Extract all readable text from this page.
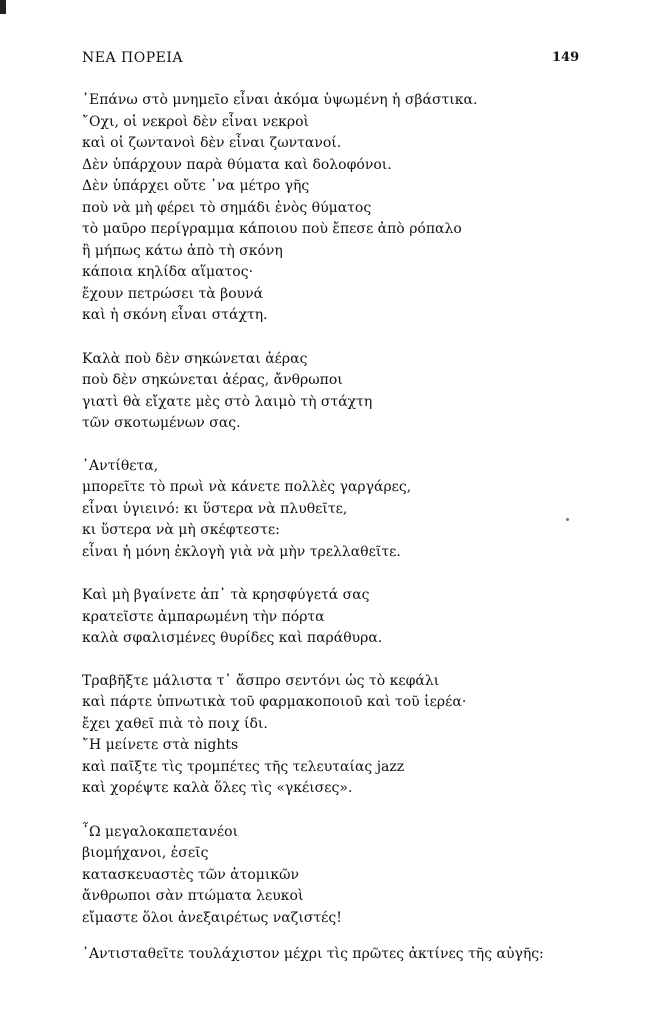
ΝΕΑ ΠΟΡΕΙΑ	149
᾿Επάνω στὸ μνημεῖο εἶναι ἀκόμα ὑψωμένη ἡ σβάστικα.
῎Οχι, οἱ νεκροὶ δὲν εἶναι νεκροὶ
καὶ οἱ ζωντανοὶ δὲν εἶναι ζωντανοί.
Δὲν ὑπάρχουν παρὰ θύματα καὶ δολοφόνοι.
Δὲν ὑπάρχει οὔτε ᾿να μέτρο γῆς
ποὺ νὰ μὴ φέρει τὸ σημάδι ἑνὸς θύματος
τὸ μαῦρο περίγραμμα κάποιου ποὺ ἔπεσε ἀπὸ ρόπαλο
ἢ μήπως κάτω ἀπὸ τὴ σκόνη
κάποια κηλίδα αἵματος·
ἔχουν πετρώσει τὰ βουνά
καὶ ἡ σκόνη εἶναι στάχτη.
Καλὰ ποὺ δὲν σηκώνεται ἀέρας
ποὺ δὲν σηκώνεται ἀέρας, ἄνθρωποι
γιατὶ θὰ εἴχατε μὲς στὸ λαιμὸ τὴ στάχτη
τῶν σκοτωμένων σας.
᾿Αντίθετα,
μπορεῖτε τὸ πρωὶ νὰ κάνετε πολλὲς γαργάρες,
εἶναι ὑγιεινό: κι ὕστερα νὰ πλυθεῖτε,
κι ὕστερα νὰ μὴ σκέφτεστε:
εἶναι ἡ μόνη ἐκλογὴ γιὰ νὰ μὴν τρελλαθεῖτε.
Καὶ μὴ βγαίνετε ἀπ᾿ τὰ κρησφύγετά σας
κρατεῖστε ἀμπαρωμένη τὴν πόρτα
καλὰ σφαλισμένες θυρίδες καὶ παράθυρα.
Τραβῆξτε μάλιστα τ᾿ ἄσπρο σεντόνι ὡς τὸ κεφάλι
καὶ πάρτε ὑπνωτικὰ τοῦ φαρμακοποιοῦ καὶ τοῦ ἱερέα·
ἔχει χαθεῖ πιὰ τὸ ποιχ ίδι.
῎Η μείνετε στὰ nights
καὶ παῖξτε τὶς τρομπέτες τῆς τελευταίας jazz
καὶ χορέψτε καλὰ ὅλες τὶς «γκέισες».
῏Ω μεγαλοκαπετανέοι
βιομήχανοι, ἐσεῖς
κατασκευαστὲς τῶν ἀτομικῶν
ἄνθρωποι σὰν πτώματα λευκοὶ
εἴμαστε ὅλοι ἀνεξαιρέτως ναζιστές!
᾿Αντισταθεῖτε τουλάχιστον μέχρι τὶς πρῶτες ἀκτίνες τῆς αὐγῆς:
